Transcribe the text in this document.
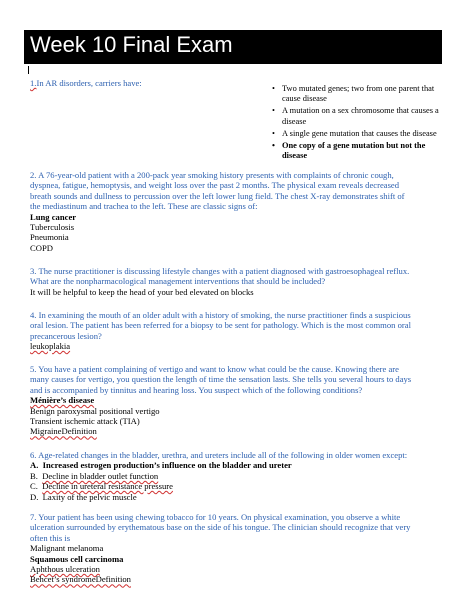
Week 10 Final Exam
1.In AR disorders, carriers have:
• Two mutated genes; two from one parent that cause disease
• A mutation on a sex chromosome that causes a disease
• A single gene mutation that causes the disease
• One copy of a gene mutation but not the disease
2. A 76-year-old patient with a 200-pack year smoking history presents with complaints of chronic cough,
dyspnea, fatigue, hemoptysis, and weight loss over the past 2 months. The physical exam reveals decreased
breath sounds and dullness to percussion over the left lower lung field. The chest X-ray demonstrates shift of
the mediastinum and trachea to the left. These are classic signs of:
Lung cancer
Tuberculosis
Pneumonia
COPD
3. The nurse practitioner is discussing lifestyle changes with a patient diagnosed with gastroesophageal reflux.
What are the nonpharmacological management interventions that should be included?
It will be helpful to keep the head of your bed elevated on blocks
4. In examining the mouth of an older adult with a history of smoking, the nurse practitioner finds a suspicious
oral lesion. The patient has been referred for a biopsy to be sent for pathology. Which is the most common oral
precancerous lesion?
leukoplakia
5. You have a patient complaining of vertigo and want to know what could be the cause. Knowing there are
many causes for vertigo, you question the length of time the sensation lasts. She tells you several hours to days
and is accompanied by tinnitus and hearing loss. You suspect which of the following conditions?
Ménière’s disease
Benign paroxysmal positional vertigo
Transient ischemic attack (TIA)
MigraineDefinition
6. Age-related changes in the bladder, urethra, and ureters include all of the following in older women except:
A. Increased estrogen production’s influence on the bladder and ureter
B. Decline in bladder outlet function
C. Decline in ureteral resistance pressure
D. Laxity of the pelvic muscle
7. Your patient has been using chewing tobacco for 10 years. On physical examination, you observe a white
ulceration surrounded by erythematous base on the side of his tongue. The clinician should recognize that very
often this is
Malignant melanoma
Squamous cell carcinoma
Aphthous ulceration
Behcet’s syndromeDefinition
